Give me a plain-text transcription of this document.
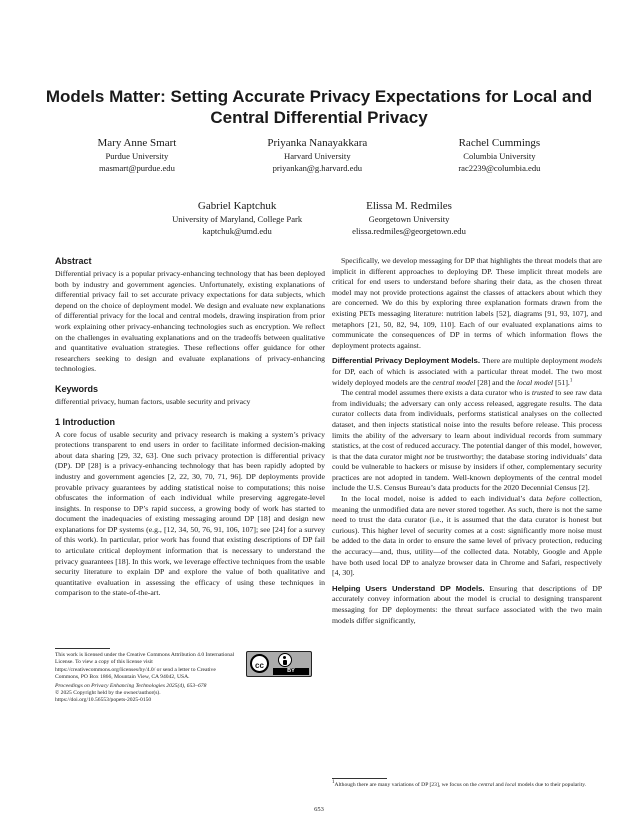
Models Matter: Setting Accurate Privacy Expectations for Local and Central Differential Privacy
Mary Anne Smart
Purdue University
masmart@purdue.edu
Priyanka Nanayakkara
Harvard University
priyankan@g.harvard.edu
Rachel Cummings
Columbia University
rac2239@columbia.edu
Gabriel Kaptchuk
University of Maryland, College Park
kaptchuk@umd.edu
Elissa M. Redmiles
Georgetown University
elissa.redmiles@georgetown.edu
Abstract

Differential privacy is a popular privacy-enhancing technology that has been deployed both by industry and government agencies. Unfortunately, existing explanations of differential privacy fail to set accurate privacy expectations for data subjects, which depend on the choice of deployment model. We design and evaluate new explanations of differential privacy for the local and central models, drawing inspiration from prior work explaining other privacy-enhancing technologies such as encryption. We reflect on the challenges in evaluating explanations and on the tradeoffs between qualitative and quantitative evaluation strategies. These reflections offer guidance for other researchers seeking to design and evaluate explanations of privacy-enhancing technologies.

Keywords

differential privacy, human factors, usable security and privacy

1 Introduction

A core focus of usable security and privacy research is making a system’s privacy protections transparent to end users in order to facilitate informed decision-making about data sharing [29, 32, 63]. One such privacy protection is differential privacy (DP). DP [28] is a privacy-enhancing technology that has been rapidly adopted by industry and government agencies [2, 22, 30, 70, 71, 96]. DP deployments provide provable privacy guarantees by adding statistical noise to computations; this noise obfuscates the information of each individual while preserving aggregate-level insights. In response to DP’s rapid success, a growing body of work has started to document the inadequacies of existing messaging around DP [18] and design new explanations for DP systems (e.g., [12, 34, 50, 76, 91, 106, 107]; see [24] for a survey of this work). In particular, prior work has found that existing descriptions of DP fail to articulate critical deployment information that is necessary to understand the privacy guarantees [18]. In this work, we leverage effective techniques from the usable security literature to explain DP and explore the value of both qualitative and quantitative evaluation in assessing the efficacy of using these techniques in comparison to the state-of-the-art.

This work is licensed under the Creative Commons Attribution 4.0 International License. To view a copy of this license visit https://creativecommons.org/licenses/by/4.0/ or send a letter to Creative Commons, PO Box 1866, Mountain View, CA 94042, USA.
Proceedings on Privacy Enhancing Technologies 2025(4), 653–678
© 2025 Copyright held by the owner/author(s).
https://doi.org/10.56553/popets-2025-0150
cc
BY

Specifically, we develop messaging for DP that highlights the threat models that are implicit in different approaches to deploying DP. These implicit threat models are critical for end users to understand before sharing their data, as the chosen threat model may not provide protections against the classes of attackers about which they are concerned. We do this by exploring three explanation formats drawn from the existing PETs messaging literature: nutrition labels [52], diagrams [91, 93, 107], and metaphors [21, 50, 82, 94, 109, 110]. Each of our evaluated explanations aims to communicate the consequences of DP in terms of which information flows the deployment protects against.

Differential Privacy Deployment Models. There are multiple deployment models for DP, each of which is associated with a particular threat model. The two most widely deployed models are the central model [28] and the local model [51].$^1$

The central model assumes there exists a data curator who is trusted to see raw data from individuals; the adversary can only access released, aggregate results. The data curator collects data from individuals, performs statistical analyses on the collected dataset, and then injects statistical noise into the results before release. This process limits the ability of the adversary to learn about individual records from summary statistics, at the cost of reduced accuracy. The potential danger of this model, however, is that the data curator might not be trustworthy; the database storing individuals’ data could be vulnerable to hackers or misuse by insiders if other, complementary security practices are not adopted in tandem. Well-known deployments of the central model include the U.S. Census Bureau’s data products for the 2020 Decennial Census [2].

In the local model, noise is added to each individual’s data before collection, meaning the unmodified data are never stored together. As such, there is not the same need to trust the data curator (i.e., it is assumed that the data curator is honest but curious). This higher level of security comes at a cost: significantly more noise must be added to the data in order to ensure the same level of privacy protection, reducing the accuracy—and, thus, utility—of the collected data. Notably, Google and Apple have both used local DP to analyze browser data in Chrome and Safari, respectively [4, 30].

Helping Users Understand DP Models. Ensuring that descriptions of DP accurately convey information about the model is crucial to designing transparent messaging for DP deployments: the threat surface associated with the two main models differ significantly,

$^1$Although there are many variations of DP [23], we focus on the central and local models due to their popularity.
653
